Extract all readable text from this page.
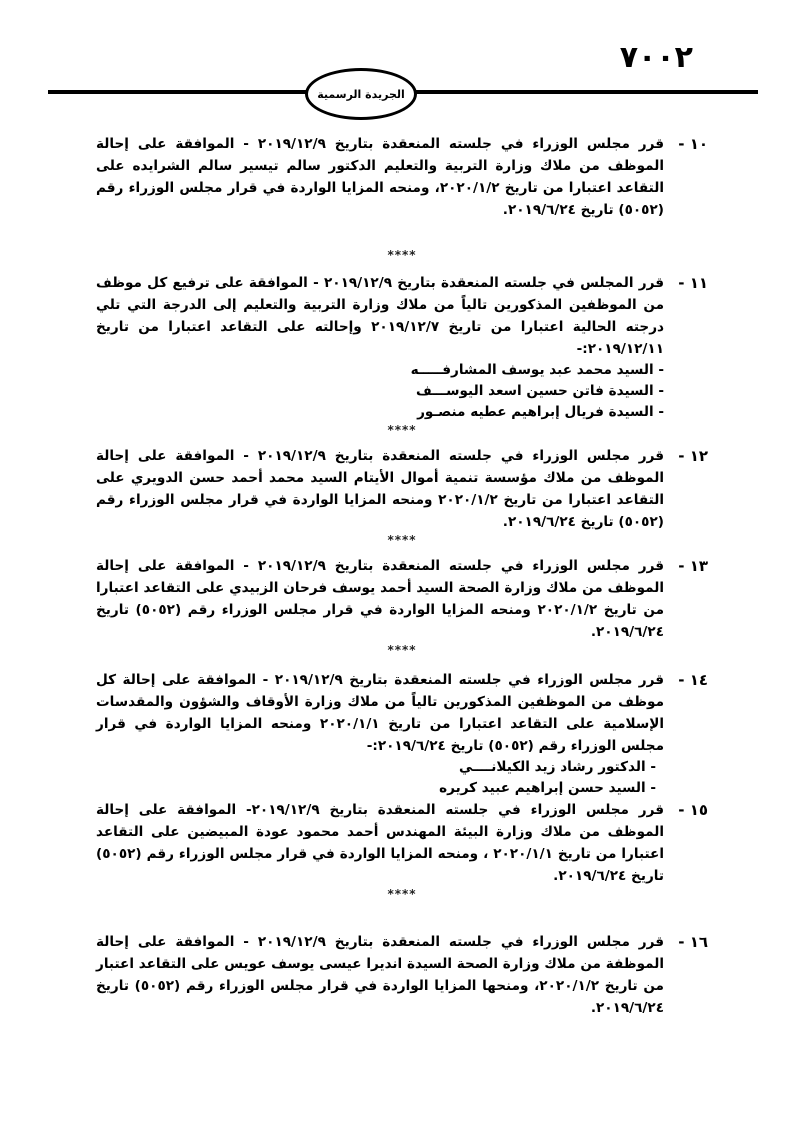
٧٠٠٢
الجريدة الرسمية
١٠ -
قرر مجلس الوزراء في جلسته المنعقدة بتاريخ ٢٠١٩/١٢/٩ - الموافقة على إحالة الموظف من ملاك وزارة التربية والتعليم الدكتور سالم تيسير سالم الشرايده على التقاعد اعتبارا من تاريخ ٢٠٢٠/١/٢، ومنحه المزايا الواردة في قرار مجلس الوزراء رقم (٥٠٥٢) تاريخ ٢٠١٩/٦/٢٤.
****
١١ -
قرر المجلس في جلسته المنعقدة بتاريخ ٢٠١٩/١٢/٩ - الموافقة على ترفيع كل موظف من الموظفين المذكورين تالياً من ملاك وزارة التربية والتعليم إلى الدرجة التي تلي درجته الحالية اعتبارا من تاريخ ٢٠١٩/١٢/٧ وإحالته على التقاعد اعتبارا من تاريخ ٢٠١٩/١٢/١١:-
- السيد محمد عبد يوسف المشارفـــــه
- السيدة فاتن حسين اسعد اليوســـف
- السيدة فريال إبراهيم عطيه منصـور
****
١٢ -
قرر مجلس الوزراء في جلسته المنعقدة بتاريخ ٢٠١٩/١٢/٩ - الموافقة على إحالة الموظف من ملاك مؤسسة تنمية أموال الأيتام السيد محمد أحمد حسن الدويري على التقاعد اعتبارا من تاريخ ٢٠٢٠/١/٢ ومنحه المزايا الواردة في قرار مجلس الوزراء رقم (٥٠٥٢) تاريخ ٢٠١٩/٦/٢٤.
****
١٣ -
قرر مجلس الوزراء في جلسته المنعقدة بتاريخ ٢٠١٩/١٢/٩ - الموافقة على إحالة الموظف من ملاك وزارة الصحة السيد أحمد يوسف فرحان الزبيدي على التقاعد اعتبارا من تاريخ ٢٠٢٠/١/٢ ومنحه المزايا الواردة في قرار مجلس الوزراء رقم (٥٠٥٢) تاريخ ٢٠١٩/٦/٢٤.
****
١٤ -
قرر مجلس الوزراء في جلسته المنعقدة بتاريخ ٢٠١٩/١٢/٩ - الموافقة على إحالة كل موظف من الموظفين المذكورين تالياً من ملاك وزارة الأوقاف والشؤون والمقدسات الإسلامية على التقاعد اعتبارا من تاريخ ٢٠٢٠/١/١ ومنحه المزايا الواردة في قرار مجلس الوزراء رقم (٥٠٥٢) تاريخ ٢٠١٩/٦/٢٤:-
- الدكتور رشاد زيد الكيلانــــي
- السيد حسن إبراهيم عبيد كريره
١٥ -
قرر مجلس الوزراء في جلسته المنعقدة بتاريخ ٢٠١٩/١٢/٩- الموافقة على إحالة الموظف من ملاك وزارة البيئة المهندس أحمد محمود عودة المبيضين على التقاعد اعتبارا من تاريخ ٢٠٢٠/١/١ ، ومنحه المزايا الواردة في قرار مجلس الوزراء رقم (٥٠٥٢) تاريخ ٢٠١٩/٦/٢٤.
****
١٦ -
قرر مجلس الوزراء في جلسته المنعقدة بتاريخ ٢٠١٩/١٢/٩ - الموافقة على إحالة الموظفة من ملاك وزارة الصحة السيدة انديرا عيسى يوسف عويس على التقاعد اعتبار من تاريخ ٢٠٢٠/١/٢، ومنحها المزايا الواردة في قرار مجلس الوزراء رقم (٥٠٥٢) تاريخ ٢٠١٩/٦/٢٤.
